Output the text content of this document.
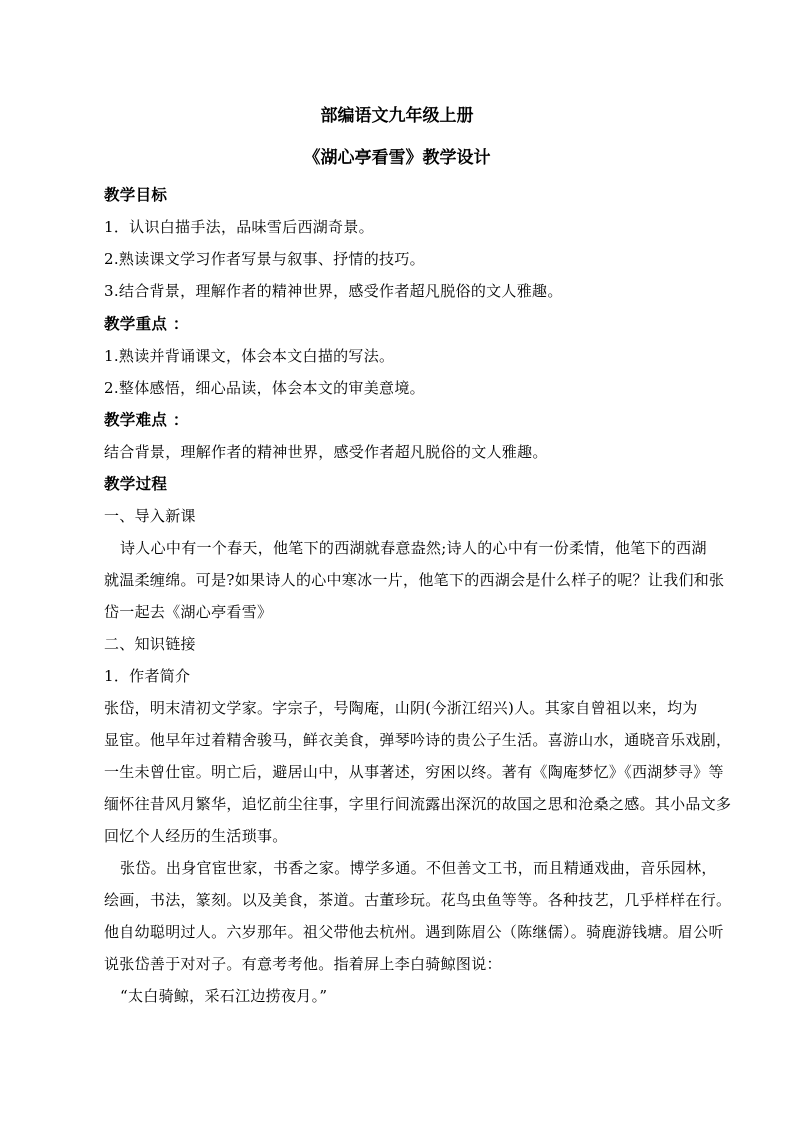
部编语文九年级上册
《湖心亭看雪》教学设计
教学目标
1．认识白描手法，品味雪后西湖奇景。
2.熟读课文学习作者写景与叙事、抒情的技巧。
3.结合背景，理解作者的精神世界，感受作者超凡脱俗的文人雅趣。
教学重点 ：
1.熟读并背诵课文，体会本文白描的写法。
2.整体感悟，细心品读，体会本文的审美意境。
教学难点 ：
结合背景，理解作者的精神世界，感受作者超凡脱俗的文人雅趣。
教学过程
一、导入新课
诗人心中有一个春天，他笔下的西湖就春意盎然;诗人的心中有一份柔情，他笔下的西湖
就温柔缠绵。可是?如果诗人的心中寒冰一片，他笔下的西湖会是什么样子的呢？让我们和张
岱一起去《湖心亭看雪》
二、知识链接
1．作者简介
张岱，明末清初文学家。字宗子，号陶庵，山阴(今浙江绍兴)人。其家自曾祖以来，均为
显宦。他早年过着精舍骏马，鲜衣美食，弹琴吟诗的贵公子生活。喜游山水，通晓音乐戏剧，
一生未曾仕宦。明亡后，避居山中，从事著述，穷困以终。著有《陶庵梦忆》《西湖梦寻》等
缅怀往昔风月繁华，追忆前尘往事，字里行间流露出深沉的故国之思和沧桑之感。其小品文多
回忆个人经历的生活琐事。
张岱。出身官宦世家，书香之家。博学多通。不但善文工书，而且精通戏曲，音乐园林，
绘画，书法，篆刻。以及美食，茶道。古董珍玩。花鸟虫鱼等等。各种技艺，几乎样样在行。
他自幼聪明过人。六岁那年。祖父带他去杭州。遇到陈眉公（陈继儒）。骑鹿游钱塘。眉公听
说张岱善于对对子。有意考考他。指着屏上李白骑鲸图说：
“太白骑鲸，采石江边捞夜月。”
